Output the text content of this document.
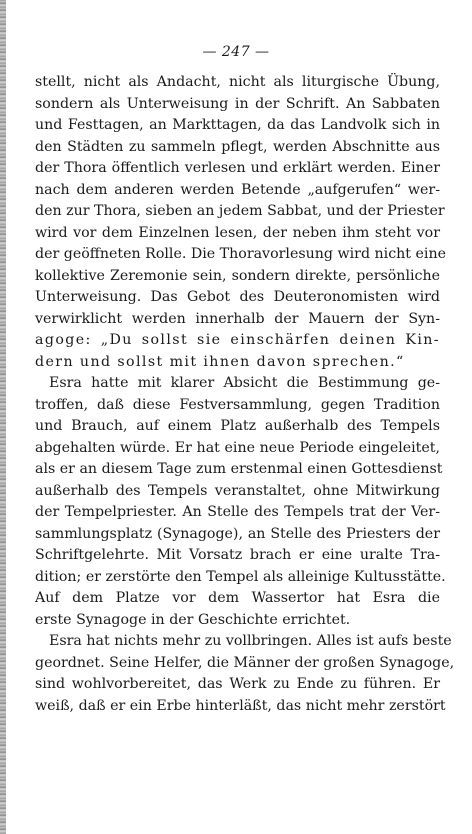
— 247 —
stellt, nicht als Andacht, nicht als liturgische Übung,
sondern als Unterweisung in der Schrift. An Sabbaten
und Festtagen, an Markttagen, da das Landvolk sich in
den Städten zu sammeln pflegt, werden Abschnitte aus
der Thora öffentlich verlesen und erklärt werden. Einer
nach dem anderen werden Betende „aufgerufen“ wer-
den zur Thora, sieben an jedem Sabbat, und der Priester
wird vor dem Einzelnen lesen, der neben ihm steht vor
der geöffneten Rolle. Die Thoravorlesung wird nicht eine
kollektive Zeremonie sein, sondern direkte, persönliche
Unterweisung. Das Gebot des Deuteronomisten wird
verwirklicht werden innerhalb der Mauern der Syn-
agoge: „Du sollst sie einschärfen deinen Kin-
dern und sollst mit ihnen davon sprechen.“
Esra hatte mit klarer Absicht die Bestimmung ge-
troffen, daß diese Festversammlung, gegen Tradition
und Brauch, auf einem Platz außerhalb des Tempels
abgehalten würde. Er hat eine neue Periode eingeleitet,
als er an diesem Tage zum erstenmal einen Gottesdienst
außerhalb des Tempels veranstaltet, ohne Mitwirkung
der Tempelpriester. An Stelle des Tempels trat der Ver-
sammlungsplatz (Synagoge), an Stelle des Priesters der
Schriftgelehrte. Mit Vorsatz brach er eine uralte Tra-
dition; er zerstörte den Tempel als alleinige Kultusstätte.
Auf dem Platze vor dem Wassertor hat Esra die
erste Synagoge in der Geschichte errichtet.
Esra hat nichts mehr zu vollbringen. Alles ist aufs beste
geordnet. Seine Helfer, die Männer der großen Synagoge,
sind wohlvorbereitet, das Werk zu Ende zu führen. Er
weiß, daß er ein Erbe hinterläßt, das nicht mehr zerstört
